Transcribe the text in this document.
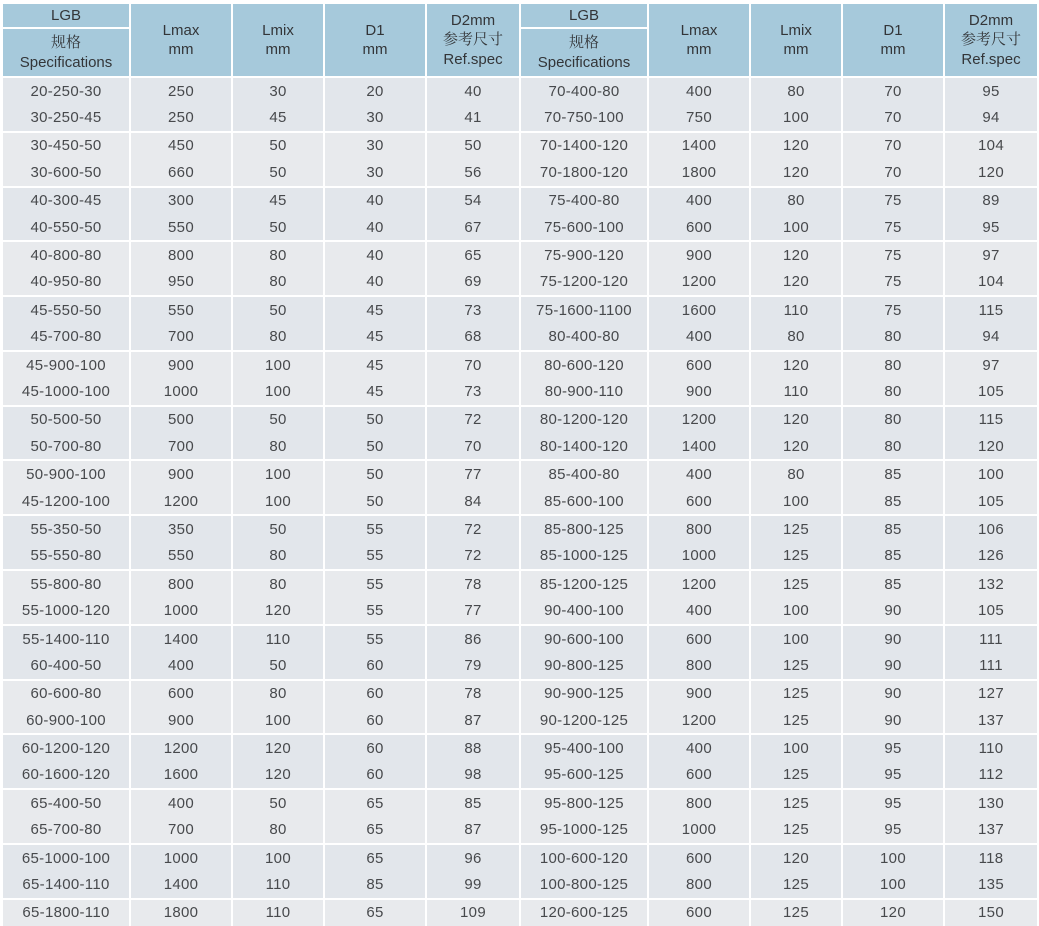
LGB
规格
Specifications

Lmax
mm

Lmix
mm

D1
mm

D2mm
参考尺寸
Ref.spec

20-250-30	250	30	20	40
30-250-45	250	45	30	41
30-450-50	450	50	30	50
30-600-50	660	50	30	56
40-300-45	300	45	40	54
40-550-50	550	50	40	67
40-800-80	800	80	40	65
40-950-80	950	80	40	69
45-550-50	550	50	45	73
45-700-80	700	80	45	68
45-900-100	900	100	45	70
45-1000-100	1000	100	45	73
50-500-50	500	50	50	72
50-700-80	700	80	50	70
50-900-100	900	100	50	77
45-1200-100	1200	100	50	84
55-350-50	350	50	55	72
55-550-80	550	80	55	72
55-800-80	800	80	55	78
55-1000-120	1000	120	55	77
55-1400-110	1400	110	55	86
60-400-50	400	50	60	79
60-600-80	600	80	60	78
60-900-100	900	100	60	87
60-1200-120	1200	120	60	88
60-1600-120	1600	120	60	98
65-400-50	400	50	65	85
65-700-80	700	80	65	87
65-1000-100	1000	100	65	96
65-1400-110	1400	110	85	99
65-1800-110	1800	110	65	109
LGB
规格
Specifications

Lmax
mm

Lmix
mm

D1
mm

D2mm
参考尺寸
Ref.spec

70-400-80	400	80	70	95
70-750-100	750	100	70	94
70-1400-120	1400	120	70	104
70-1800-120	1800	120	70	120
75-400-80	400	80	75	89
75-600-100	600	100	75	95
75-900-120	900	120	75	97
75-1200-120	1200	120	75	104
75-1600-1100	1600	110	75	115
80-400-80	400	80	80	94
80-600-120	600	120	80	97
80-900-110	900	110	80	105
80-1200-120	1200	120	80	115
80-1400-120	1400	120	80	120
85-400-80	400	80	85	100
85-600-100	600	100	85	105
85-800-125	800	125	85	106
85-1000-125	1000	125	85	126
85-1200-125	1200	125	85	132
90-400-100	400	100	90	105
90-600-100	600	100	90	111
90-800-125	800	125	90	111
90-900-125	900	125	90	127
90-1200-125	1200	125	90	137
95-400-100	400	100	95	110
95-600-125	600	125	95	112
95-800-125	800	125	95	130
95-1000-125	1000	125	95	137
100-600-120	600	120	100	118
100-800-125	800	125	100	135
120-600-125	600	125	120	150
